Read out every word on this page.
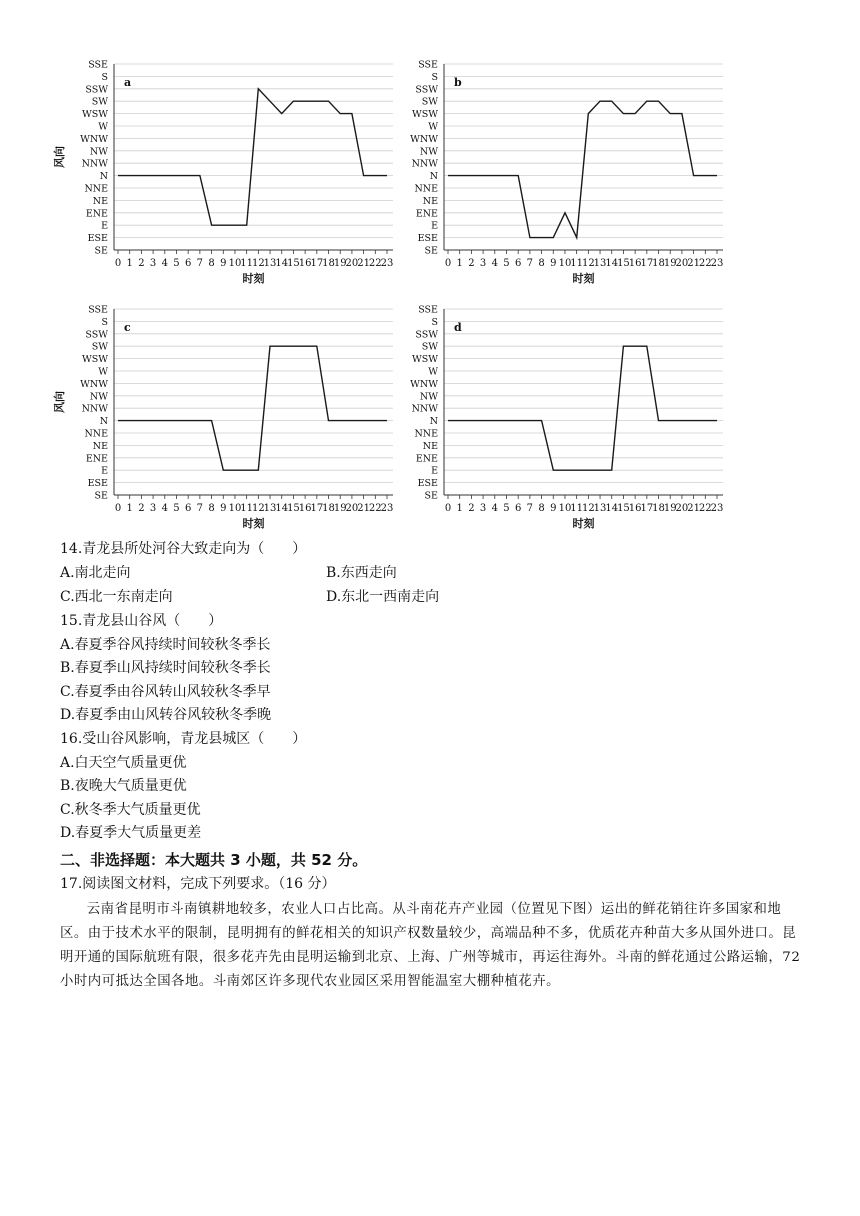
SE
ESE
E
ENE
NE
NNE
N
NNW
NW
WNW
W
WSW
SW
SSW
S
SSE
0 1 2 3 4 5 6 7 8 9 10
11
12
13
14
15
16
17
18
19
20
21
22
23
时刻
风向
a
SE
ESE
E
ENE
NE
NNE
N
NNW
NW
WNW
W
WSW
SW
SSW
S
SSE
0 1 2 3 4 5 6 7 8 9 10
11
12
13
14
15
16
17
18
19
20
21
22
23
时刻
b
SE
ESE
E
ENE
NE
NNE
N
NNW
NW
WNW
W
WSW
SW
SSW
S
SSE
0 1 2 3 4 5 6 7 8 9 10
11
12
13
14
15
16
17
18
19
20
21
22
23
时刻
风向
c
SE
ESE
E
ENE
NE
NNE
N
NNW
NW
WNW
W
WSW
SW
SSW
S
SSE
0 1 2 3 4 5 6 7 8 9 10
11
12
13
14
15
16
17
18
19
20
21
22
23
时刻
d
14.青龙县所处河谷大致走向为（　　）
A.南北走向	B.东西走向
C.西北一东南走向	D.东北一西南走向
15.青龙县山谷风（　　）
A.春夏季谷风持续时间较秋冬季长
B.春夏季山风持续时间较秋冬季长
C.春夏季由谷风转山风较秋冬季早
D.春夏季由山风转谷风较秋冬季晚
16.受山谷风影响，青龙县城区（　　）
A.白天空气质量更优
B.夜晚大气质量更优
C.秋冬季大气质量更优
D.春夏季大气质量更差
二、非选择题：本大题共 3 小题，共 52 分。
17.阅读图文材料，完成下列要求。（16 分）
云南省昆明市斗南镇耕地较多，农业人口占比高。从斗南花卉产业园（位置见下图）运出的鲜花销往许多国家和地区。由于技术水平的限制，昆明拥有的鲜花相关的知识产权数量较少，高端品种不多，优质花卉种苗大多从国外进口。昆明开通的国际航班有限，很多花卉先由昆明运输到北京、上海、广州等城市，再运往海外。斗南的鲜花通过公路运输，72 小时内可抵达全国各地。斗南郊区许多现代农业园区采用智能温室大棚种植花卉。
